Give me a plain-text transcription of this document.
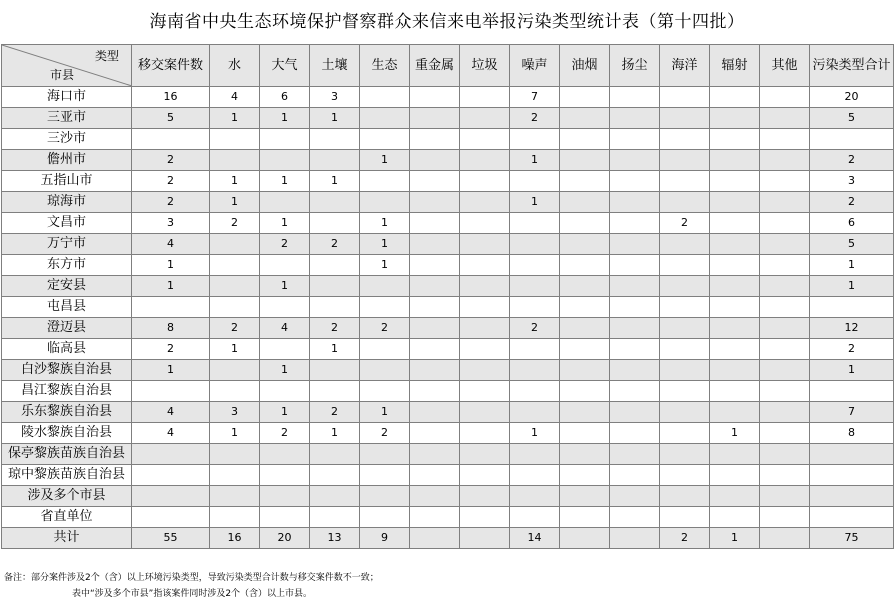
海南省中央生态环境保护督察群众来信来电举报污染类型统计表（第十四批）
类型
市县	移交案件数	水	大气	土壤	生态	重金属	垃圾	噪声	油烟	扬尘	海洋	辐射	其他	污染类型合计
海口市	16	4	6	3				7						20
三亚市	5	1	1	1				2						5
三沙市														
儋州市	2				1			1						2
五指山市	2	1	1	1										3
琼海市	2	1						1						2
文昌市	3	2	1		1						2			6
万宁市	4		2	2	1									5
东方市	1				1									1
定安县	1		1											1
屯昌县														
澄迈县	8	2	4	2	2			2						12
临高县	2	1		1										2
白沙黎族自治县	1		1											1
昌江黎族自治县														
乐东黎族自治县	4	3	1	2	1									7
陵水黎族自治县	4	1	2	1	2			1				1		8
保亭黎族苗族自治县														
琼中黎族苗族自治县														
涉及多个市县														
省直单位														
共计	55	16	20	13	9			14			2	1		75
备注：部分案件涉及2个（含）以上环境污染类型，导致污染类型合计数与移交案件数不一致；
表中“涉及多个市县”指该案件同时涉及2个（含）以上市县。
